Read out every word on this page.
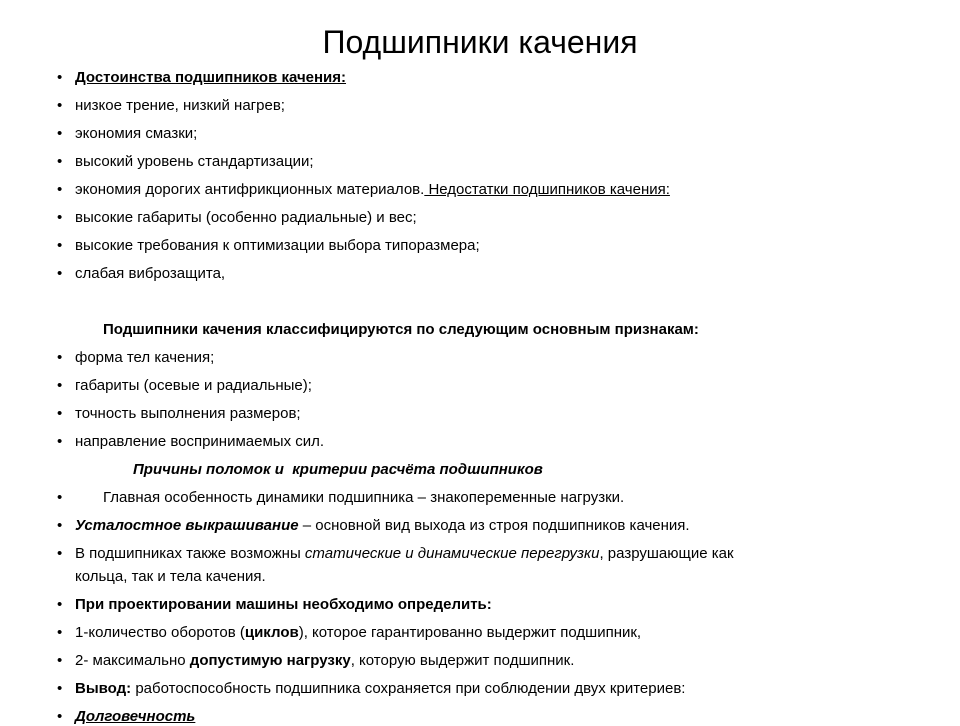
Подшипники качения
• Достоинства подшипников качения:
• низкое трение, низкий нагрев;
• экономия смазки;
• высокий уровень стандартизации;
• экономия дорогих антифрикционных материалов. Недостатки подшипников качения:
• высокие габариты (особенно радиальные) и вес;
• высокие требования к оптимизации выбора типоразмера;
• слабая виброзащита,
Подшипники качения классифицируются по следующим основным признакам:
• форма тел качения;
• габариты (осевые и радиальные);
• точность выполнения размеров;
• направление воспринимаемых сил.
Причины поломок и  критерии расчёта подшипников
•	Главная особенность динамики подшипника – знакопеременные нагрузки.
• Усталостное выкрашивание – основной вид выхода из строя подшипников качения.
• В подшипниках также возможны статические и динамические перегрузки, разрушающие как
кольца, так и тела качения.
• При проектировании машины необходимо определить:
• 1-количество оборотов (циклов), которое гарантированно выдержит подшипник,
• 2- максимально допустимую нагрузку, которую выдержит подшипник.
• Вывод: работоспособность подшипника сохраняется при соблюдении двух критериев:
• Долговечность
